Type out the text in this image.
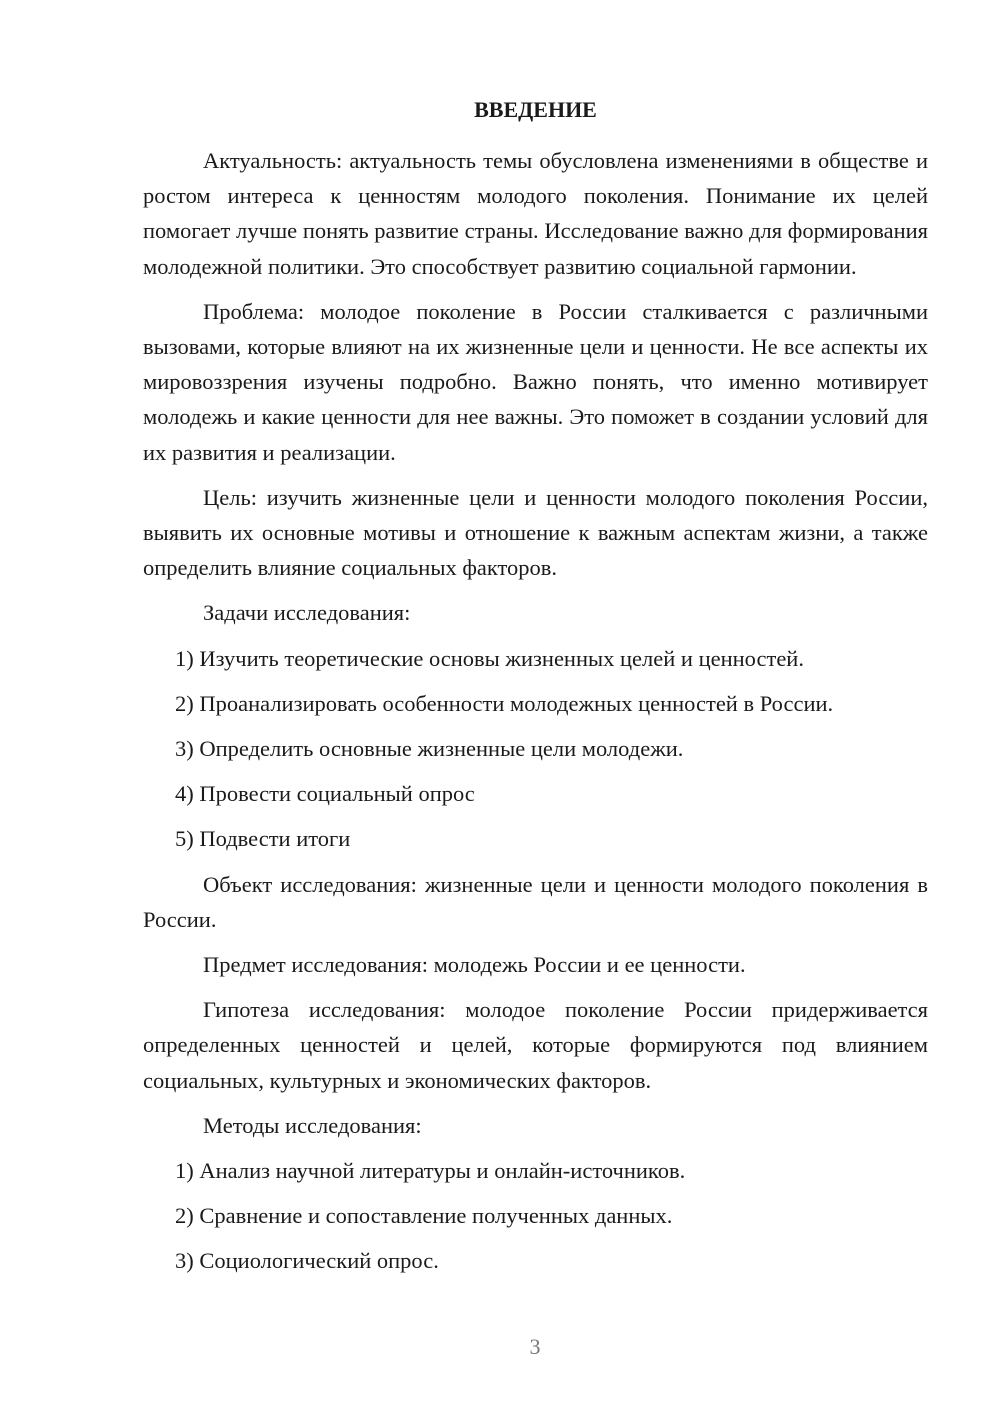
ВВЕДЕНИЕ

Актуальность: актуальность темы обусловлена изменениями в обществе и ростом интереса к ценностям молодого поколения. Понимание их целей помогает лучше понять развитие страны. Исследование важно для формирования молодежной политики. Это способствует развитию социальной гармонии.

Проблема: молодое поколение в России сталкивается с различными вызовами, которые влияют на их жизненные цели и ценности. Не все аспекты их мировоззрения изучены подробно. Важно понять, что именно мотивирует молодежь и какие ценности для нее важны. Это поможет в создании условий для их развития и реализации.

Цель: изучить жизненные цели и ценности молодого поколения России, выявить их основные мотивы и отношение к важным аспектам жизни, а также определить влияние социальных факторов.

Задачи исследования:

1) Изучить теоретические основы жизненных целей и ценностей.

2) Проанализировать особенности молодежных ценностей в России.

3) Определить основные жизненные цели молодежи.

4) Провести социальный опрос

5) Подвести итоги

Объект исследования: жизненные цели и ценности молодого поколения в России.

Предмет исследования: молодежь России и ее ценности.

Гипотеза исследования: молодое поколение России придерживается определенных ценностей и целей, которые формируются под влиянием социальных, культурных и экономических факторов.

Методы исследования:

1) Анализ научной литературы и онлайн-источников.

2) Сравнение и сопоставление полученных данных.

3) Социологический опрос.

3
